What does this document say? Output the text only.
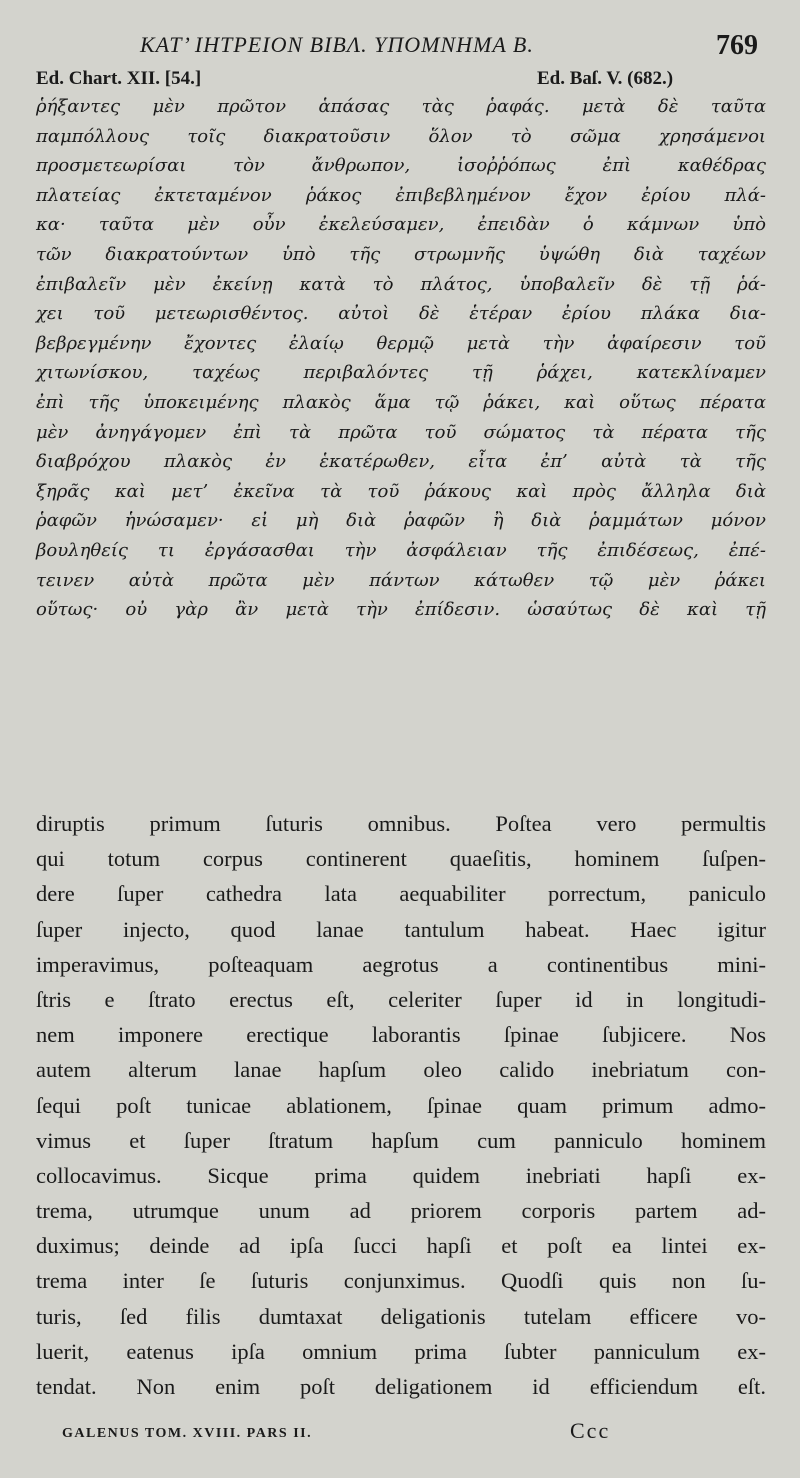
ΚΑΤ’ ΙΗΤΡΕΙΟΝ ΒΙΒΛ. ΥΠΟΜΝΗΜΑ Β.	769
Ed. Chart. XII. [54.]	Ed. Baſ. V. (682.)
ῥήξαντες μὲν πρῶτον ἁπάσας τὰς ῥαφάς. μετὰ δὲ ταῦτα
παμπόλλους τοῖς διακρατοῦσιν ὅλον τὸ σῶμα χρησάμενοι
προσμετεωρίσαι τὸν ἄνθρωπον, ἰσοῤῥόπως ἐπὶ καθέδρας
πλατείας ἐκτεταμένον ῥάκος ἐπιβεβλημένον ἔχον ἐρίου πλά-
κα· ταῦτα μὲν οὖν ἐκελεύσαμεν, ἐπειδὰν ὁ κάμνων ὑπὸ
τῶν διακρατούντων ὑπὸ τῆς στρωμνῆς ὑψώθη διὰ ταχέων
ἐπιβαλεῖν μὲν ἐκείνῃ κατὰ τὸ πλάτος, ὑποβαλεῖν δὲ τῇ ῥά-
χει τοῦ μετεωρισθέντος. αὐτοὶ δὲ ἑτέραν ἐρίου πλάκα δια-
βεβρεγμένην ἔχοντες ἐλαίῳ θερμῷ μετὰ τὴν ἀφαίρεσιν τοῦ
χιτωνίσκου, ταχέως περιβαλόντες τῇ ῥάχει, κατεκλίναμεν
ἐπὶ τῆς ὑποκειμένης πλακὸς ἅμα τῷ ῥάκει, καὶ οὕτως πέρατα
μὲν ἀνηγάγομεν ἐπὶ τὰ πρῶτα τοῦ σώματος τὰ πέρατα τῆς
διαβρόχου πλακὸς ἐν ἑκατέρωθεν, εἶτα ἐπ’ αὐτὰ τὰ τῆς
ξηρᾶς καὶ μετ’ ἐκεῖνα τὰ τοῦ ῥάκους καὶ πρὸς ἄλληλα διὰ
ῥαφῶν ἡνώσαμεν· εἰ μὴ διὰ ῥαφῶν ἢ διὰ ῥαμμάτων μόνον
βουληθείς τι ἐργάσασθαι τὴν ἀσφάλειαν τῆς ἐπιδέσεως, ἐπέ-
τεινεν αὐτὰ πρῶτα μὲν πάντων κάτωθεν τῷ μὲν ῥάκει
οὕτως· οὐ γὰρ ἂν μετὰ τὴν ἐπίδεσιν. ὡσαύτως δὲ καὶ τῇ
diruptis primum ſuturis omnibus. Poſtea vero permultis
qui totum corpus continerent quaeſitis, hominem ſuſpen-
dere ſuper cathedra lata aequabiliter porrectum, paniculo
ſuper injecto, quod lanae tantulum habeat. Haec igitur
imperavimus, poſteaquam aegrotus a continentibus mini-
ſtris e ſtrato erectus eſt, celeriter ſuper id in longitudi-
nem imponere erectique laborantis ſpinae ſubjicere. Nos
autem alterum lanae hapſum oleo calido inebriatum con-
ſequi poſt tunicae ablationem, ſpinae quam primum admo-
vimus et ſuper ſtratum hapſum cum panniculo hominem
collocavimus. Sicque prima quidem inebriati hapſi ex-
trema, utrumque unum ad priorem corporis partem ad-
duximus; deinde ad ipſa ſucci hapſi et poſt ea lintei ex-
trema inter ſe ſuturis conjunximus. Quodſi quis non ſu-
turis, ſed filis dumtaxat deligationis tutelam efficere vo-
luerit, eatenus ipſa omnium prima ſubter panniculum ex-
tendat. Non enim poſt deligationem id efficiendum eſt.
GALENUS TOM. XVIII. PARS II.	Ccc
